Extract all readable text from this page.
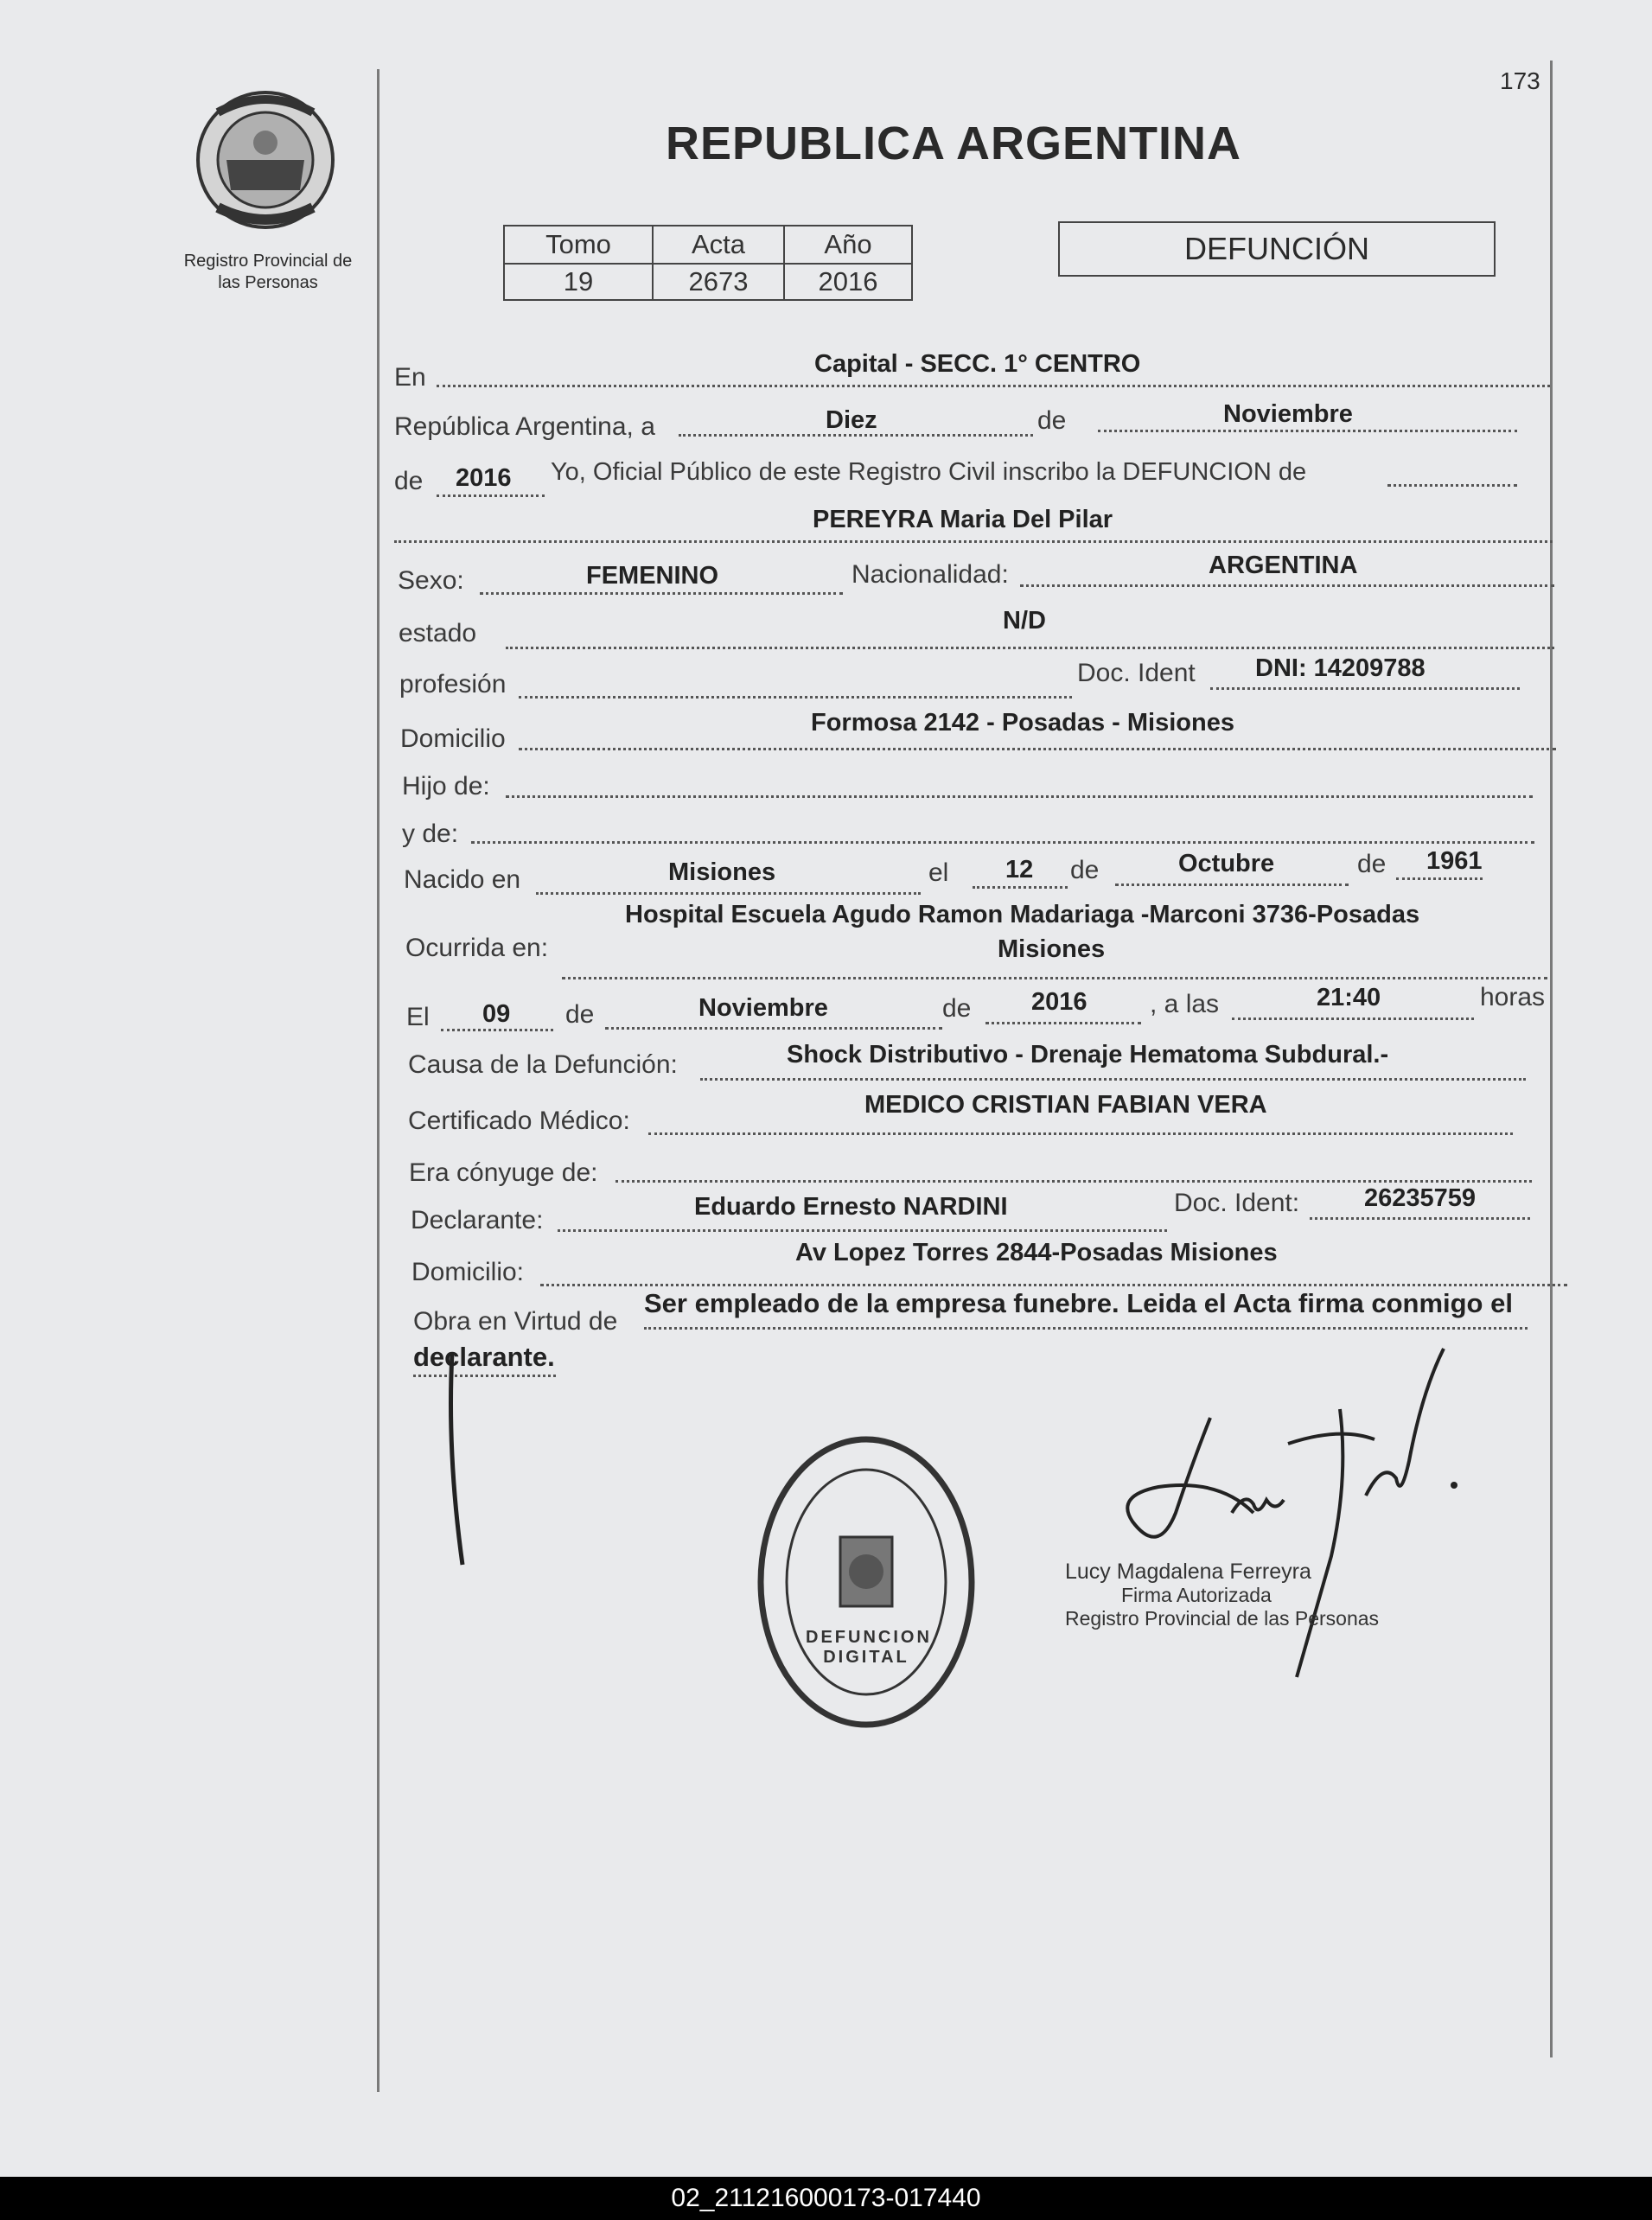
173
Registro Provincial de
las Personas
REPUBLICA ARGENTINA
Tomo	Acta	Año
19	2673	2016
DEFUNCIÓN
En	Capital - SECC. 1° CENTRO
República Argentina, a	Diez	de	Noviembre
de 2016 Yo, Oficial Público de este Registro Civil inscribo la DEFUNCION de
PEREYRA Maria Del Pilar
Sexo:	FEMENINO	Nacionalidad:	ARGENTINA
estado	N/D
profesión	Doc. Ident DNI: 14209788
Domicilio
Formosa 2142 - Posadas - Misiones
Hijo de:
y de:
Nacido en	Misiones	el 12 de	Octubre	de 1961
Hospital Escuela Agudo Ramon Madariaga -Marconi 3736-Posadas
Ocurrida en:	Misiones
El 09 de	Noviembre	de 2016 , a las	21:40	horas
Causa de la Defunción:	Shock Distributivo - Drenaje Hematoma Subdural.-
Certificado Médico:
MEDICO CRISTIAN FABIAN VERA
Era cónyuge de:
Declarante:	Eduardo Ernesto NARDINI	Doc. Ident:	26235759
Domicilio:
Av Lopez Torres 2844-Posadas Misiones
Obra en Virtud de
Ser empleado de la empresa funebre. Leida el Acta firma conmigo el
declarante.
DEFUNCION DIGITAL
Lucy Magdalena Ferreyra
Firma Autorizada
Registro Provincial de las Personas
02_211216000173-017440
